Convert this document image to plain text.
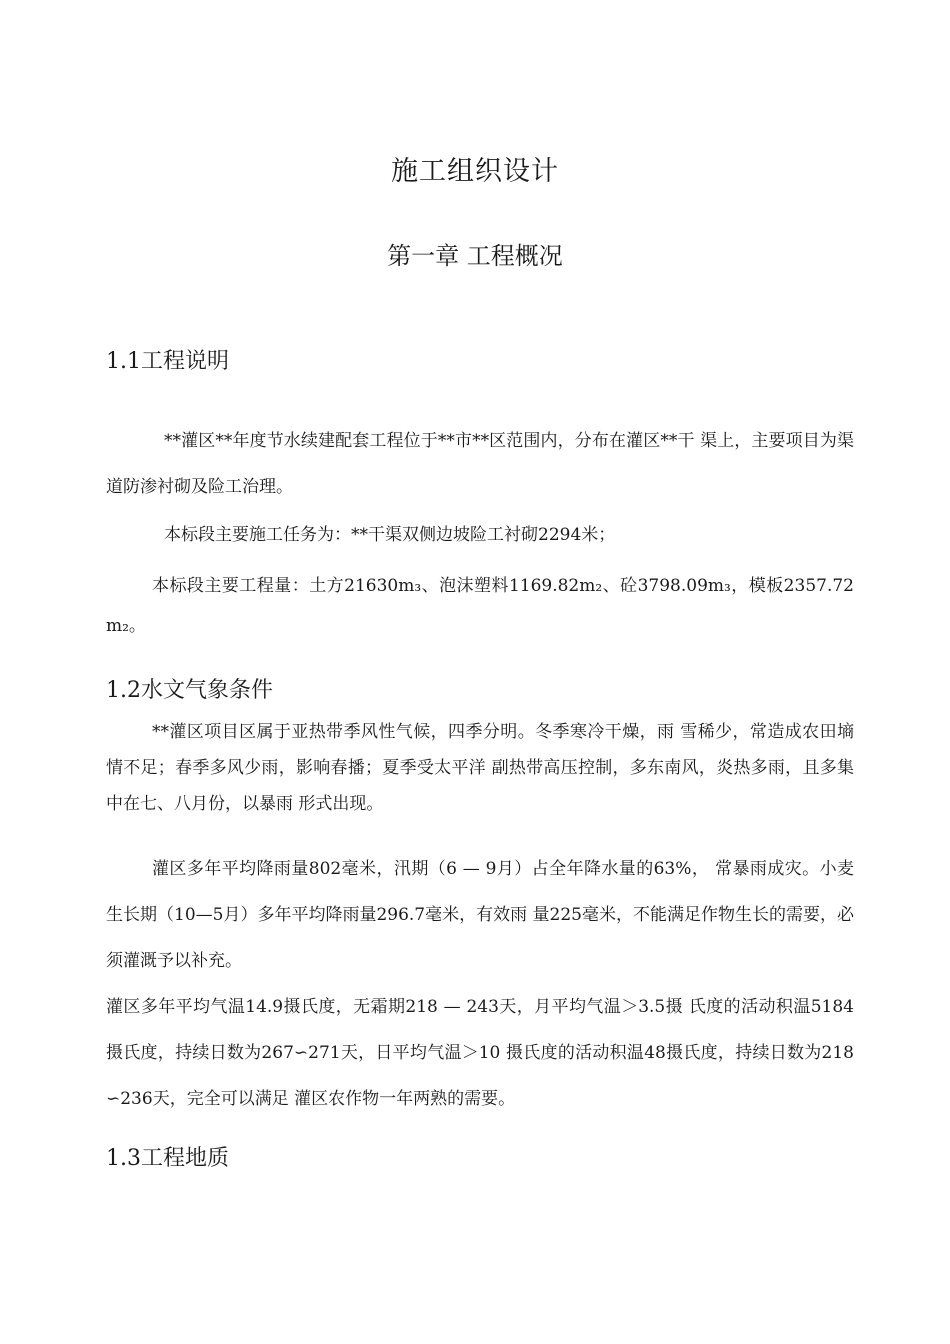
施工组织设计
第一章 工程概况
1.1工程说明

**灌区**年度节水续建配套工程位于**市**区范围内，分布在灌区**干 渠上，主要项目为渠道防渗衬砌及险工治理。

本标段主要施工任务为：**干渠双侧边坡险工衬砌2294米；

本标段主要工程量：土方21630m₃、泡沫塑料1169.82m₂、砼3798.09m₃，模板2357.72 m₂。

1.2水文气象条件

**灌区项目区属于亚热带季风性气候，四季分明。冬季寒冷干燥，雨 雪稀少，常造成农田墒情不足；春季多风少雨，影响春播；夏季受太平洋 副热带高压控制，多东南风，炎热多雨，且多集中在七、八月份，以暴雨 形式出现。

灌区多年平均降雨量802毫米，汛期（6 — 9月）占全年降水量的63%， 常暴雨成灾。小麦生长期（10—5月）多年平均降雨量296.7毫米，有效雨 量225毫米，不能满足作物生长的需要，必须灌溉予以补充。

灌区多年平均气温14.9摄氏度，无霜期218 — 243天，月平均气温＞3.5摄 氏度的活动积温5184摄氏度，持续日数为267∽271天，日平均气温＞10 摄氏度的活动积温48摄氏度，持续日数为218∽236天，完全可以满足 灌区农作物一年两熟的需要。

1.3工程地质
